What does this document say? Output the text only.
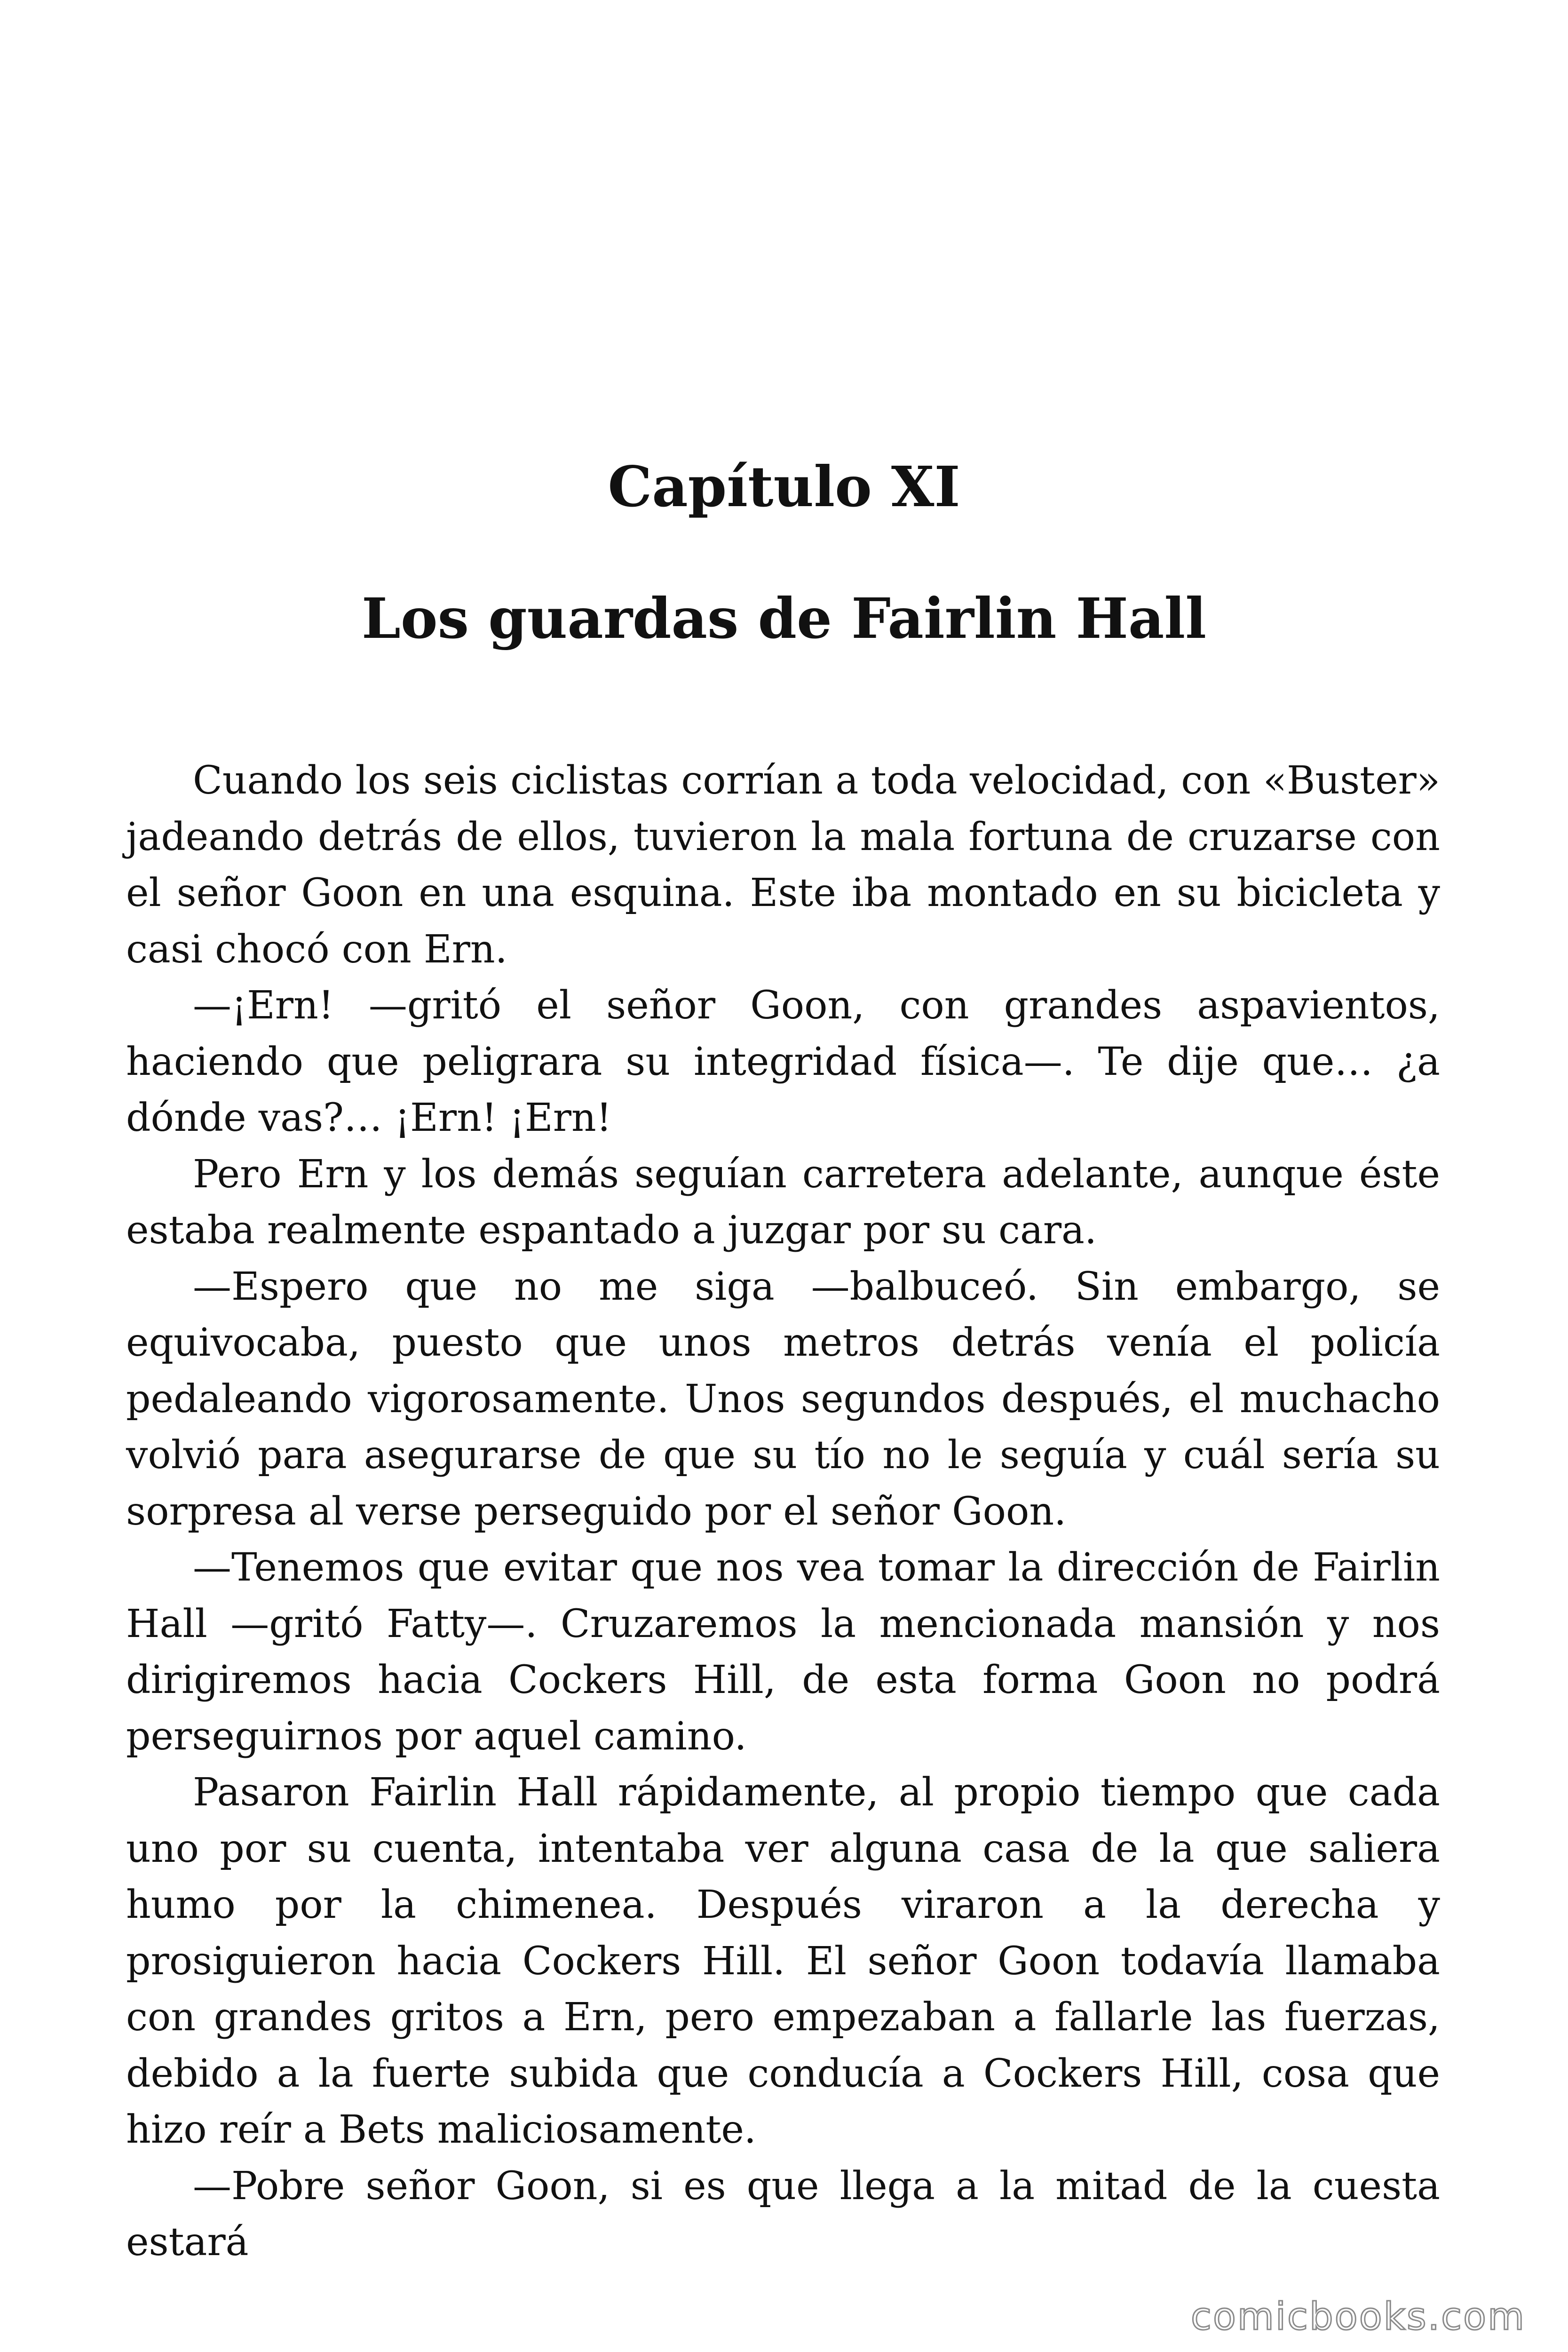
Capítulo XI
Los guardas de Fairlin Hall

Cuando los seis ciclistas corrían a toda velocidad, con «Buster» jadeando detrás de ellos, tuvieron la mala fortuna de cruzarse con el señor Goon en una esquina. Este iba montado en su bicicleta y casi chocó con Ern.

—¡Ern! —gritó el señor Goon, con grandes aspavientos, haciendo que peligrara su integridad física—. Te dije que… ¿a dónde vas?… ¡Ern! ¡Ern!

Pero Ern y los demás seguían carretera adelante, aunque éste estaba realmente espantado a juzgar por su cara.

—Espero que no me siga —balbuceó. Sin embargo, se equivocaba, puesto que unos metros detrás venía el policía pedaleando vigorosamente. Unos segundos después, el muchacho volvió para asegurarse de que su tío no le seguía y cuál sería su sorpresa al verse perseguido por el señor Goon.

—Tenemos que evitar que nos vea tomar la dirección de Fairlin Hall —gritó Fatty—. Cruzaremos la mencionada mansión y nos dirigiremos hacia Cockers Hill, de esta forma Goon no podrá perseguirnos por aquel camino.

Pasaron Fairlin Hall rápidamente, al propio tiempo que cada uno por su cuenta, intentaba ver alguna casa de la que saliera humo por la chimenea. Después viraron a la derecha y prosiguieron hacia Cockers Hill. El señor Goon todavía llamaba con grandes gritos a Ern, pero empezaban a fallarle las fuerzas, debido a la fuerte subida que conducía a Cockers Hill, cosa que hizo reír a Bets maliciosamente.

—Pobre señor Goon, si es que llega a la mitad de la cuesta estará

comicbooks.com
